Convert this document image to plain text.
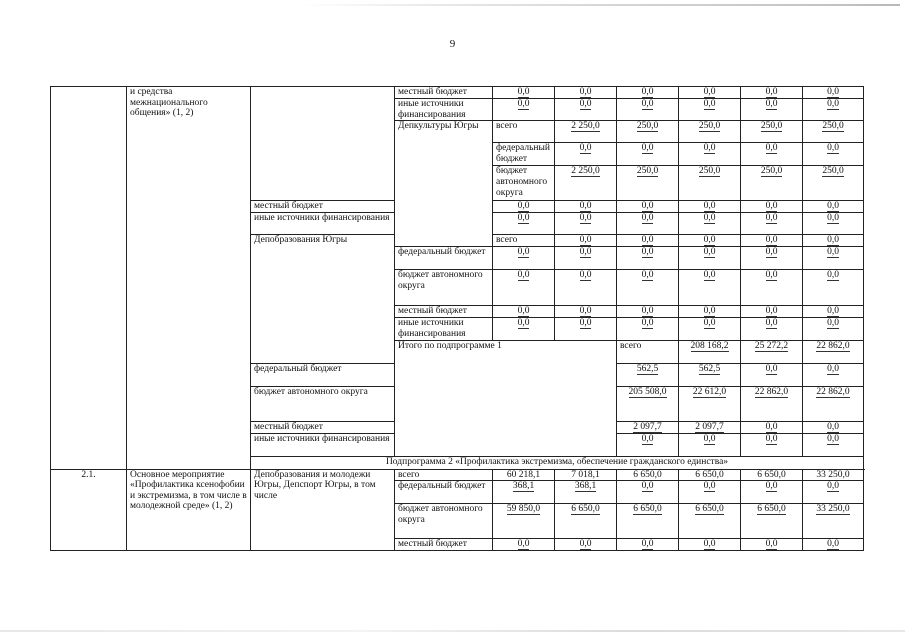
9
	и средства межнационального общения» (1, 2)		местный бюджет	0,0	0,0	0,0	0,0	0,0	0,0	
			иные источники финансирования	0,0	0,0	0,0	0,0	0,0	0,0	
			Депкультуры Югры	всего	2 250,0	250,0	250,0	250,0	250,0	
				федеральный бюджет	0,0	0,0	0,0	0,0	0,0	
				бюджет автономного округа	2 250,0	250,0	250,0	250,0	250,0	
		местный бюджет		0,0	0,0	0,0	0,0	0,0	0,0	
		иные источники финансирования		0,0	0,0	0,0	0,0	0,0	0,0	
		Депобразования Югры		всего	0,0	0,0	0,0	0,0	0,0	
			федеральный бюджет	0,0	0,0	0,0	0,0	0,0	0,0	
			бюджет автономного округа	0,0	0,0	0,0	0,0	0,0	0,0	
			местный бюджет	0,0	0,0	0,0	0,0	0,0	0,0	
			иные источники финансирования	0,0	0,0	0,0	0,0	0,0	0,0	
			Итого по подпрограмме 1			всего	208 168,2	25 272,2	22 862,0			
		федеральный бюджет				562,5	562,5	0,0	0,0		
		бюджет автономного округа				205 508,0	22 612,0	22 862,0	22 862,0		
		местный бюджет				2 097,7	2 097,7	0,0	0,0		
		иные источники финансирования				0,0	0,0	0,0	0,0		
		Подпрограмма 2 «Профилактика экстремизма, обеспечение гражданского единства»								
2.1.	Основное мероприятие «Профилактика ксенофобии и экстремизма, в том числе в молодежной среде» (1, 2)	Депобразования и молодежи Югры, Депспорт Югры, в том числе	всего	60 218,1	7 018,1	6 650,0	6 650,0	6 650,0	33 250,0	
			федеральный бюджет	368,1	368,1	0,0	0,0	0,0	0,0	
			бюджет автономного округа	59 850,0	6 650,0	6 650,0	6 650,0	6 650,0	33 250,0	
			местный бюджет	0,0	0,0	0,0	0,0	0,0	0,0	
